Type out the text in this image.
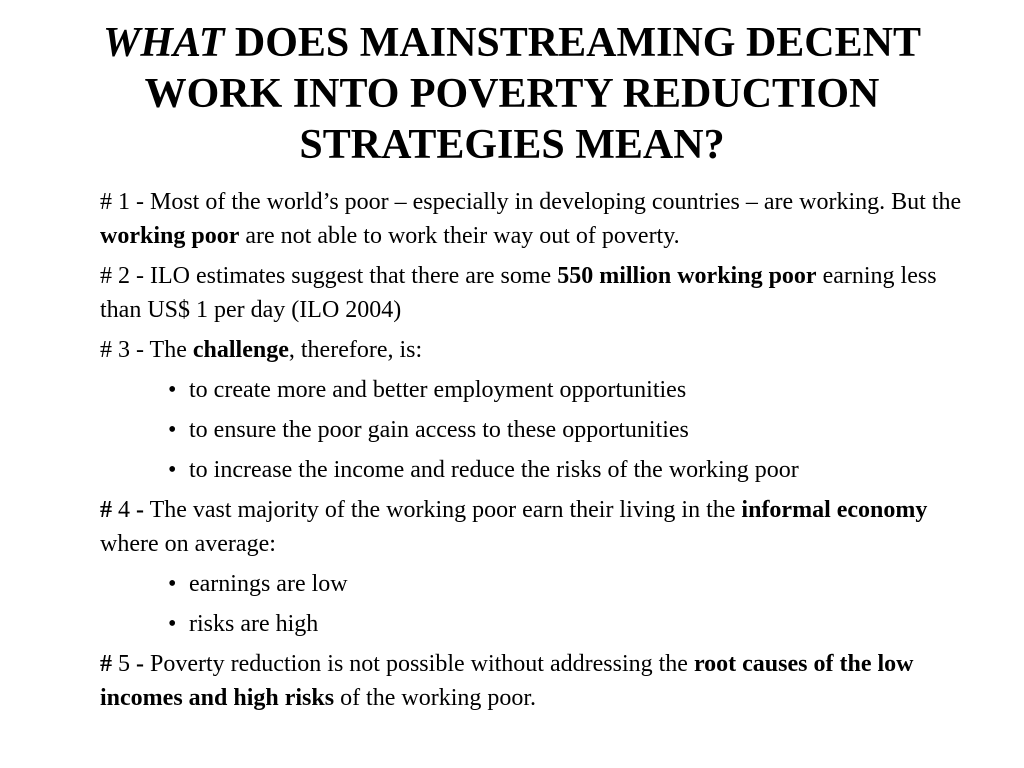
WHAT DOES MAINSTREAMING DECENT WORK INTO POVERTY REDUCTION STRATEGIES MEAN?

# 1 - Most of the world’s poor – especially in developing countries – are working. But the working poor are not able to work their way out of poverty.

# 2 - ILO estimates suggest that there are some 550 million working poor earning less than US$ 1 per day (ILO 2004)

# 3 - The challenge, therefore, is:

• to create more and better employment opportunities
• to ensure the poor gain access to these opportunities
• to increase the income and reduce the risks of the working poor

# 4 - The vast majority of the working poor earn their living in the informal economy where on average:

• earnings are low
• risks are high

# 5 - Poverty reduction is not possible without addressing the root causes of the low incomes and high risks of the working poor.
